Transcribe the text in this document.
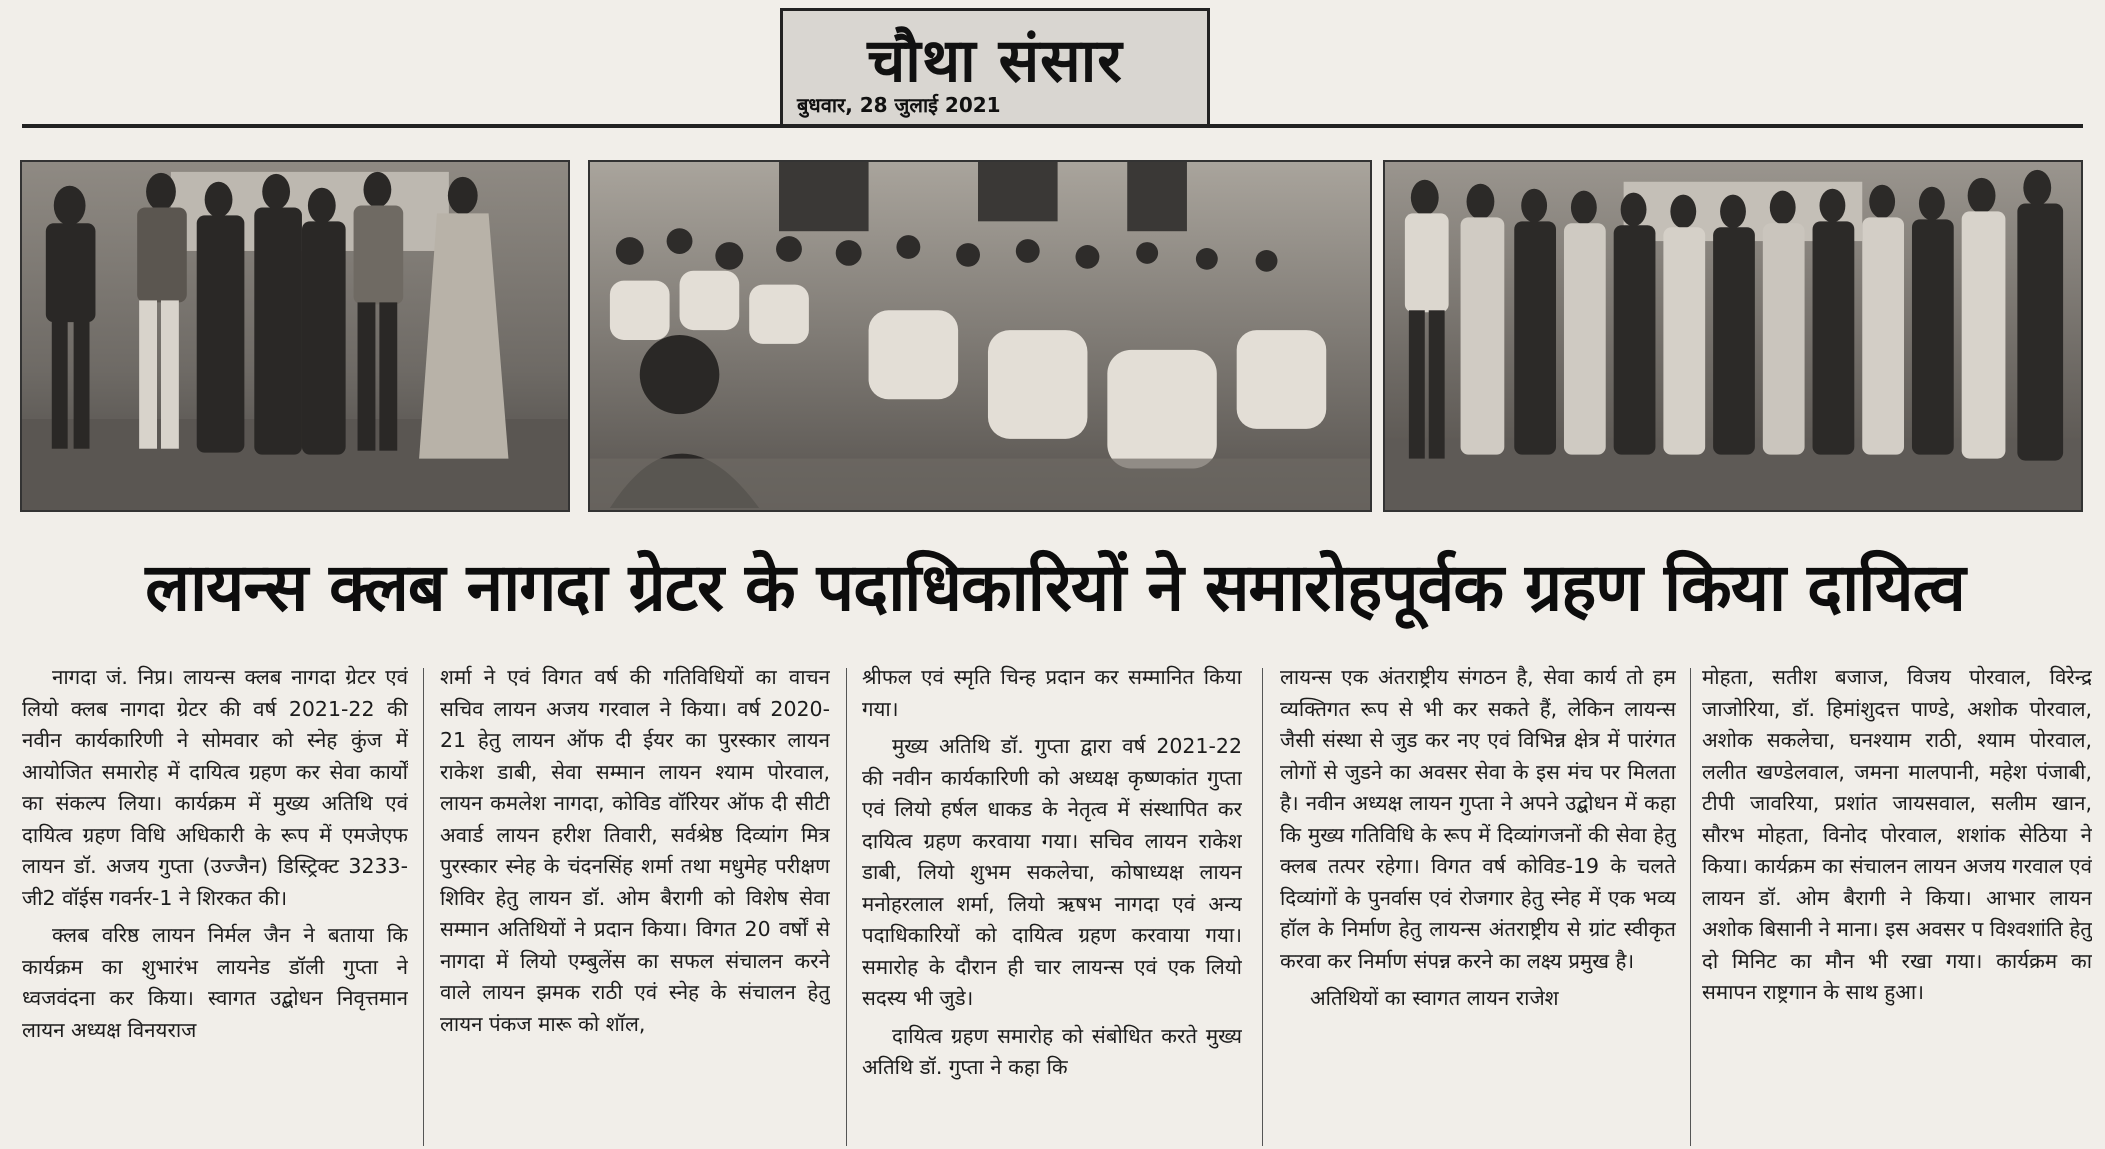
चौथा संसार
बुधवार, 28 जुलाई 2021
लायन्स क्लब नागदा ग्रेटर के पदाधिकारियों ने समारोहपूर्वक ग्रहण किया दायित्व

नागदा जं. निप्र। लायन्स क्लब नागदा ग्रेटर एवं लियो क्लब नागदा ग्रेटर की वर्ष 2021-22 की नवीन कार्यकारिणी ने सोमवार को स्नेह कुंज में आयोजित समारोह में दायित्व ग्रहण कर सेवा कार्यों का संकल्प लिया। कार्यक्रम में मुख्य अतिथि एवं दायित्व ग्रहण विधि अधिकारी के रूप में एमजेएफ लायन डॉ. अजय गुप्ता (उज्जैन) डिस्ट्रिक्ट 3233-जी2 वॉईस गवर्नर-1 ने शिरकत की।

क्लब वरिष्ठ लायन निर्मल जैन ने बताया कि कार्यक्रम का शुभारंभ लायनेड डॉली गुप्ता ने ध्वजवंदना कर किया। स्वागत उद्बोधन निवृत्तमान लायन अध्यक्ष विनयराज

शर्मा ने एवं विगत वर्ष की गतिविधियों का वाचन सचिव लायन अजय गरवाल ने किया। वर्ष 2020-21 हेतु लायन ऑफ दी ईयर का पुरस्कार लायन राकेश डाबी, सेवा सम्मान लायन श्याम पोरवाल, लायन कमलेश नागदा, कोविड वॉरियर ऑफ दी सीटी अवार्ड लायन हरीश तिवारी, सर्वश्रेष्ठ दिव्यांग मित्र पुरस्कार स्नेह के चंदनसिंह शर्मा तथा मधुमेह परीक्षण शिविर हेतु लायन डॉ. ओम बैरागी को विशेष सेवा सम्मान अतिथियों ने प्रदान किया। विगत 20 वर्षों से नागदा में लियो एम्बुलेंस का सफल संचालन करने वाले लायन झमक राठी एवं स्नेह के संचालन हेतु लायन पंकज मारू को शॉल,

श्रीफल एवं स्मृति चिन्ह प्रदान कर सम्मानित किया गया।

मुख्य अतिथि डॉ. गुप्ता द्वारा वर्ष 2021-22 की नवीन कार्यकारिणी को अध्यक्ष कृष्णकांत गुप्ता एवं लियो हर्षल धाकड के नेतृत्व में संस्थापित कर दायित्व ग्रहण करवाया गया। सचिव लायन राकेश डाबी, लियो शुभम सकलेचा, कोषाध्यक्ष लायन मनोहरलाल शर्मा, लियो ऋषभ नागदा एवं अन्य पदाधिकारियों को दायित्व ग्रहण करवाया गया। समारोह के दौरान ही चार लायन्स एवं एक लियो सदस्य भी जुडे।

दायित्व ग्रहण समारोह को संबोधित करते मुख्य अतिथि डॉ. गुप्ता ने कहा कि

लायन्स एक अंतराष्ट्रीय संगठन है, सेवा कार्य तो हम व्यक्तिगत रूप से भी कर सकते हैं, लेकिन लायन्स जैसी संस्था से जुड कर नए एवं विभिन्न क्षेत्र में पारंगत लोगों से जुडने का अवसर सेवा के इस मंच पर मिलता है। नवीन अध्यक्ष लायन गुप्ता ने अपने उद्बोधन में कहा कि मुख्य गतिविधि के रूप में दिव्यांगजनों की सेवा हेतु क्लब तत्पर रहेगा। विगत वर्ष कोविड-19 के चलते दिव्यांगों के पुनर्वास एवं रोजगार हेतु स्नेह में एक भव्य हॉल के निर्माण हेतु लायन्स अंतराष्ट्रीय से ग्रांट स्वीकृत करवा कर निर्माण संपन्न करने का लक्ष्य प्रमुख है।

अतिथियों का स्वागत लायन राजेश

मोहता, सतीश बजाज, विजय पोरवाल, विरेन्द्र जाजोरिया, डॉ. हिमांशुदत्त पाण्डे, अशोक पोरवाल, अशोक सकलेचा, घनश्याम राठी, श्याम पोरवाल, ललीत खण्डेलवाल, जमना मालपानी, महेश पंजाबी, टीपी जावरिया, प्रशांत जायसवाल, सलीम खान, सौरभ मोहता, विनोद पोरवाल, शशांक सेठिया ने किया। कार्यक्रम का संचालन लायन अजय गरवाल एवं लायन डॉ. ओम बैरागी ने किया। आभार लायन अशोक बिसानी ने माना। इस अवसर प विश्वशांति हेतु दो मिनिट का मौन भी रखा गया। कार्यक्रम का समापन राष्ट्रगान के साथ हुआ।
